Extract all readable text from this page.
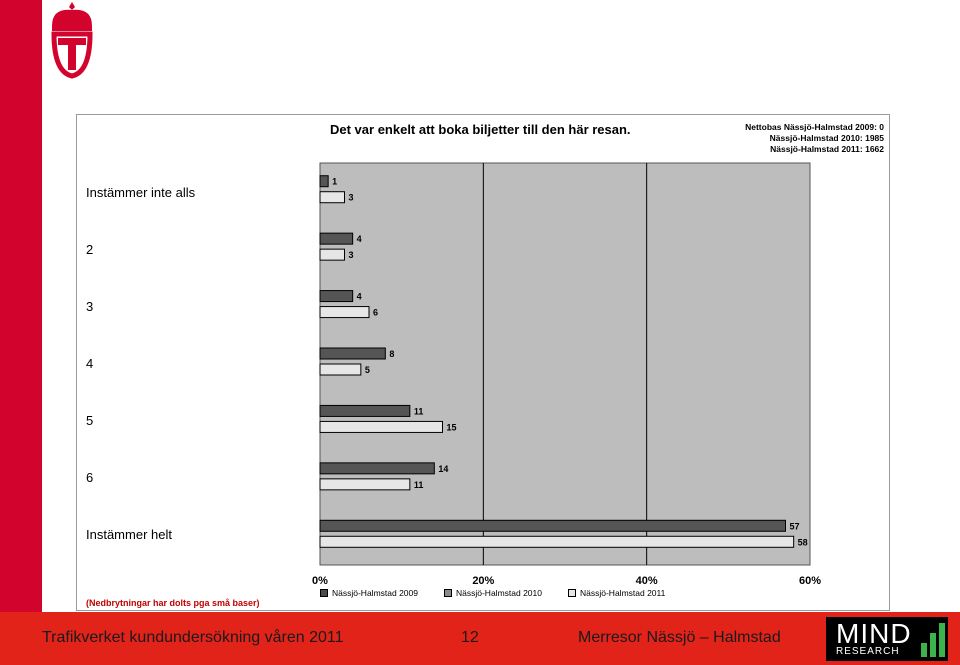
Det var enkelt att boka biljetter till den här resan.	Nettobas Nässjö-Halmstad 2009: 0
Nässjö-Halmstad 2010: 1985
Nässjö-Halmstad 2011: 1662
Instämmer inte alls
2
3
4
5
6
Instämmer helt
0%	20%	40%	60%
1
3
4
3
4
6
8
5
11
15
14
11
57
58
Nässjö-Halmstad 2009	Nässjö-Halmstad 2010	Nässjö-Halmstad 2011
(Nedbrytningar har dolts pga små baser)
Trafikverket kundundersökning våren 2011	12	Merresor Nässjö – Halmstad MIND
RESEARCH
